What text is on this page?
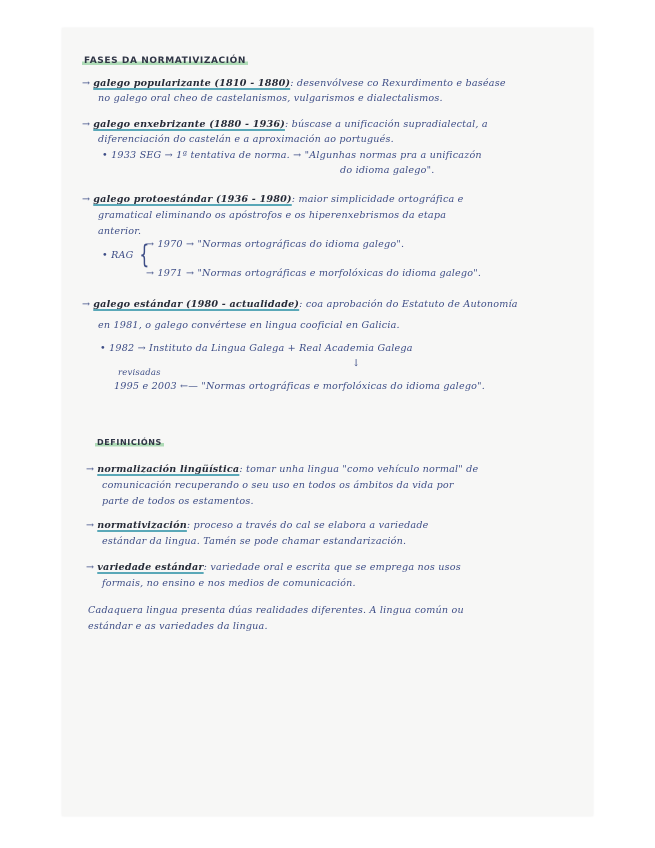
FASES DA NORMATIVIZACIÓN
→ galego popularizante (1810 - 1880): desenvólvese co Rexurdimento e baséase
no galego oral cheo de castelanismos, vulgarismos e dialectalismos.
→ galego enxebrizante (1880 - 1936): búscase a unificación supradialectal, a
diferenciación do castelán e a aproximación ao portugués.
• 1933 SEG → 1ª tentativa de norma. → "Algunhas normas pra a unificazón
do idioma galego".
→ galego protoestándar (1936 - 1980): maior simplicidade ortográfica e
gramatical eliminando os apóstrofos e os hiperenxebrismos da etapa
anterior.
• RAG {
→ 1970 → "Normas ortográficas do idioma galego".
→ 1971 → "Normas ortográficas e morfolóxicas do idioma galego".
→ galego estándar (1980 - actualidade): coa aprobación do Estatuto de Autonomía
en 1981, o galego convértese en lingua cooficial en Galicia.
• 1982 → Instituto da Lingua Galega + Real Academia Galega
↓
revisadas
1995 e 2003 ←— "Normas ortográficas e morfolóxicas do idioma galego".
DEFINICIÓNS
→ normalización lingüística: tomar unha lingua "como vehículo normal" de
comunicación recuperando o seu uso en todos os ámbitos da vida por
parte de todos os estamentos.
→ normativización: proceso a través do cal se elabora a variedade
estándar da lingua. Tamén se pode chamar estandarización.
→ variedade estándar: variedade oral e escrita que se emprega nos usos
formais, no ensino e nos medios de comunicación.
Cadaquera lingua presenta dúas realidades diferentes. A lingua común ou
estándar e as variedades da lingua.
